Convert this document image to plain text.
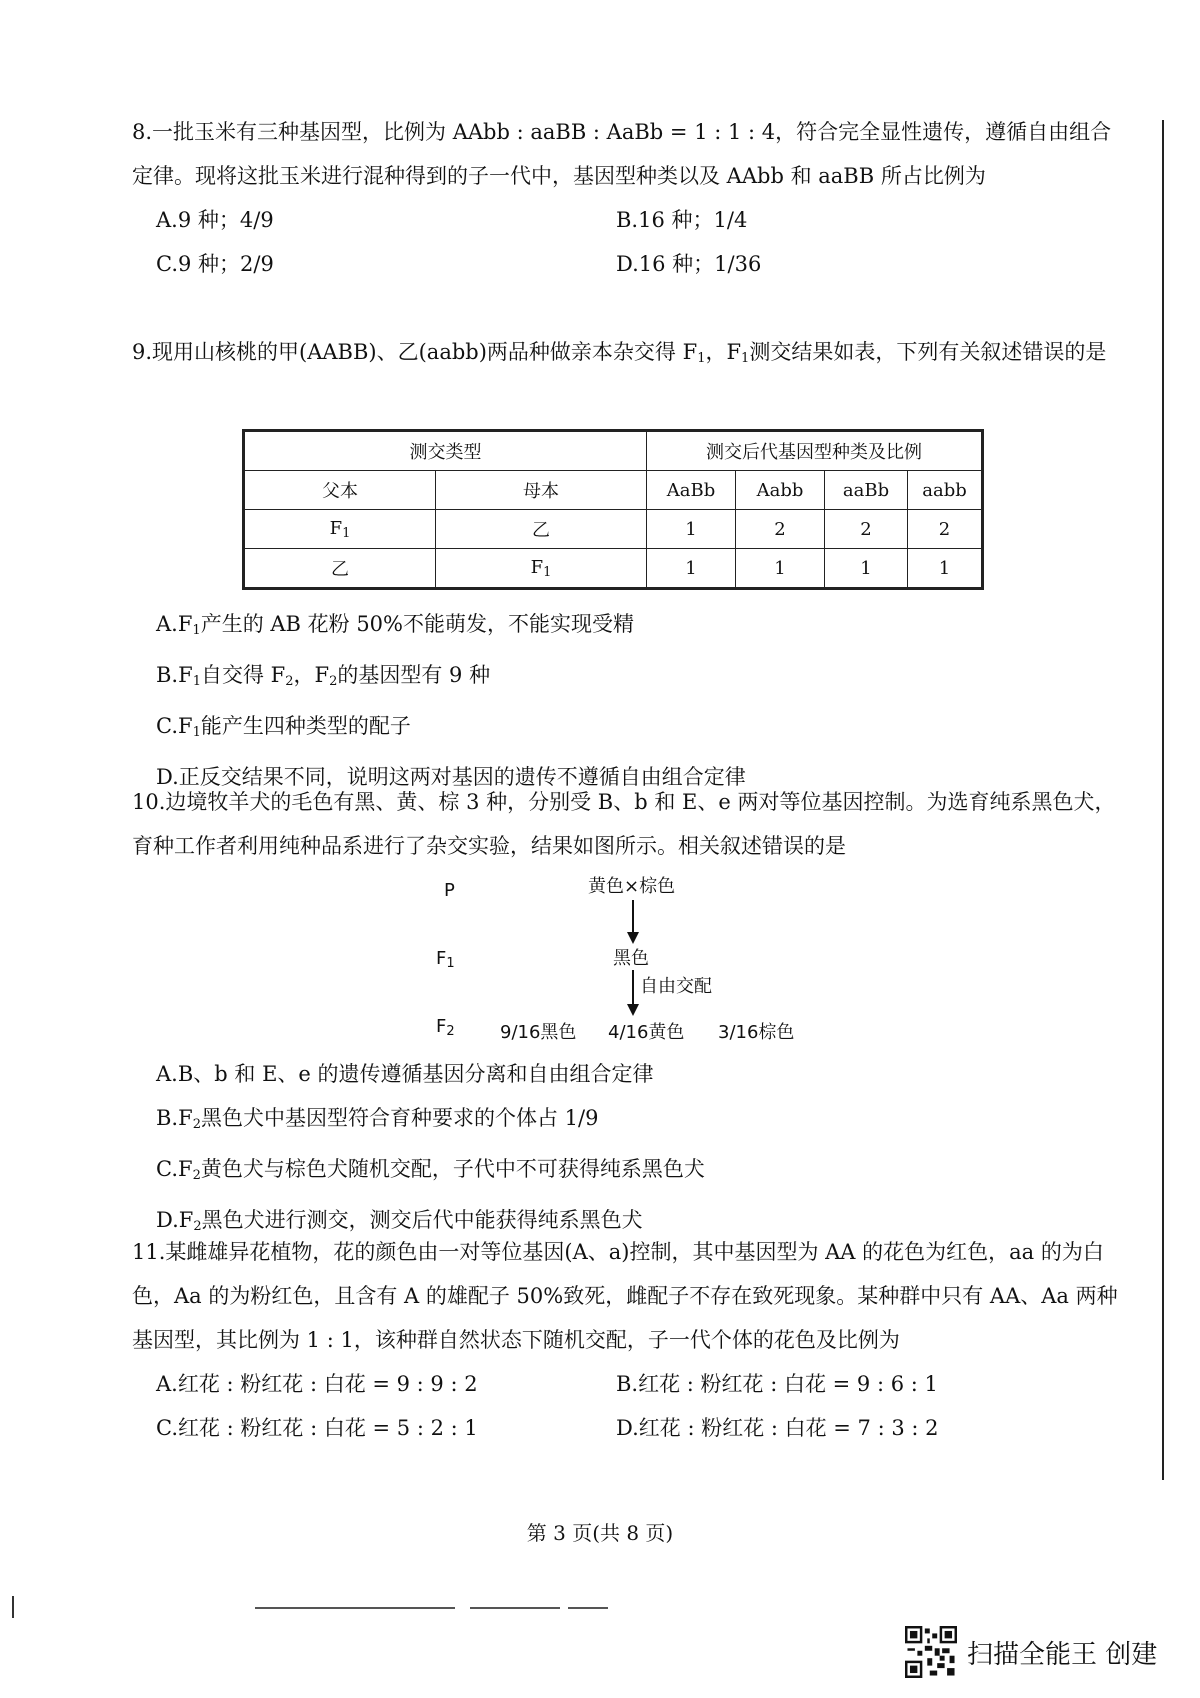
8.一批玉米有三种基因型，比例为 AAbb : aaBB : AaBb = 1 : 1 : 4，符合完全显性遗传，遵循自由组合定律。现将这批玉米进行混种得到的子一代中，基因型种类以及 AAbb 和 aaBB 所占比例为

A.9 种；4/9	B.16 种；1/4
C.9 种；2/9	D.16 种；1/36

9.现用山核桃的甲(AABB)、乙(aabb)两品种做亲本杂交得 $F_1$，$F_1$测交结果如表，下列有关叙述错误的是

测交类型		测交后代基因型种类及比例			
父本	母本	AaBb	Aabb	aaBb	aabb
$F_1$	乙	1	2	2	2
乙	$F_1$	1	1	1	1
$A.F_1$产生的 AB 花粉 50%不能萌发，不能实现受精
$B.F_1$自交得 $F_2$，$F_2$的基因型有 9 种
$C.F_1$能产生四种类型的配子
D.正反交结果不同，说明这两对基因的遗传不遵循自由组合定律

10.边境牧羊犬的毛色有黑、黄、棕 3 种，分别受 B、b 和 E、e 两对等位基因控制。为选育纯系黑色犬，育种工作者利用纯种品系进行了杂交实验，结果如图所示。相关叙述错误的是

P	黄色×棕色
$F_1$	黑色
自由交配
$F_2$	9/16黑色 4/16黄色 3/16棕色
A.B、b 和 E、e 的遗传遵循基因分离和自由组合定律
$B.F_2$黑色犬中基因型符合育种要求的个体占 1/9
$C.F_2$黄色犬与棕色犬随机交配，子代中不可获得纯系黑色犬
$D.F_2$黑色犬进行测交，测交后代中能获得纯系黑色犬

11.某雌雄异花植物，花的颜色由一对等位基因(A、a)控制，其中基因型为 AA 的花色为红色，aa 的为白色，Aa 的为粉红色，且含有 A 的雄配子 50%致死，雌配子不存在致死现象。某种群中只有 AA、Aa 两种基因型，其比例为 1 : 1，该种群自然状态下随机交配，子一代个体的花色及比例为

A.红花 : 粉红花 : 白花 = 9 : 9 : 2	B.红花 : 粉红花 : 白花 = 9 : 6 : 1
C.红花 : 粉红花 : 白花 = 5 : 2 : 1	D.红花 : 粉红花 : 白花 = 7 : 3 : 2
第 3 页(共 8 页)
扫描全能王 创建
